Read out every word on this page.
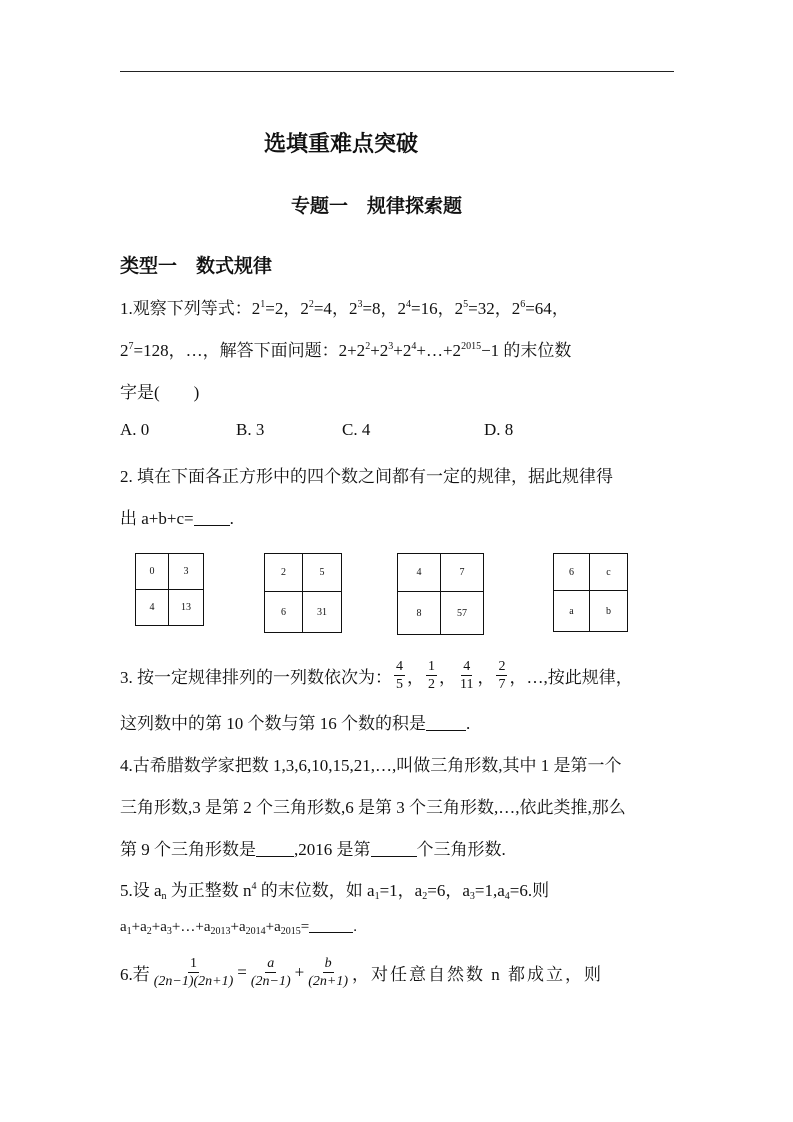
选填重难点突破
专题一    规律探索题
类型一    数式规律
1.观察下列等式：$2^1=2$，$2^2=4$，$2^3=8$，$2^4=16$，$2^5=32$，$2^6=64$，
$2^7=128$，…，解答下面问题：$2+2^2+2^3+2^4+\dots+2^{2015}-1$ 的末位数
字是(        )
A. 0	B. 3	C. 4	D. 8
2. 填在下面各正方形中的四个数之间都有一定的规律，据此规律得
出 a+b+c= .
0	3
4	13
2	5
6	31
4	7
8	57
6	c
a	b
3. 按一定规律排列的一列数依次为： $\frac{4}{5}$ ， $\frac{1}{2}$ ， $\frac{4}{11}$ ， $\frac{2}{7}$ ，…,按此规律，
这列数中的第 10 个数与第 16 个数的积是 .
4.古希腊数学家把数 1,3,6,10,15,21,…,叫做三角形数,其中 1 是第一个
三角形数,3 是第 2 个三角形数,6 是第 3 个三角形数,…,依此类推,那么
第 9 个三角形数是 ,2016 是第	个三角形数.
5.设 $a_n$ 为正整数 $n^4$ 的末位数，如 $a_1=1$，$a_2=6$，$a_3=1,a_4=6$.则
$a_1+a_2+a_3+\dots+a_{2013}+a_{2014}+a_{2015}=$	.
6.若 $\frac{1}{(2n-1)(2n+1)} = \frac{a}{(2n-1)} + \frac{b}{(2n+1)}$ ，对任意自然数 n 都成立，则
